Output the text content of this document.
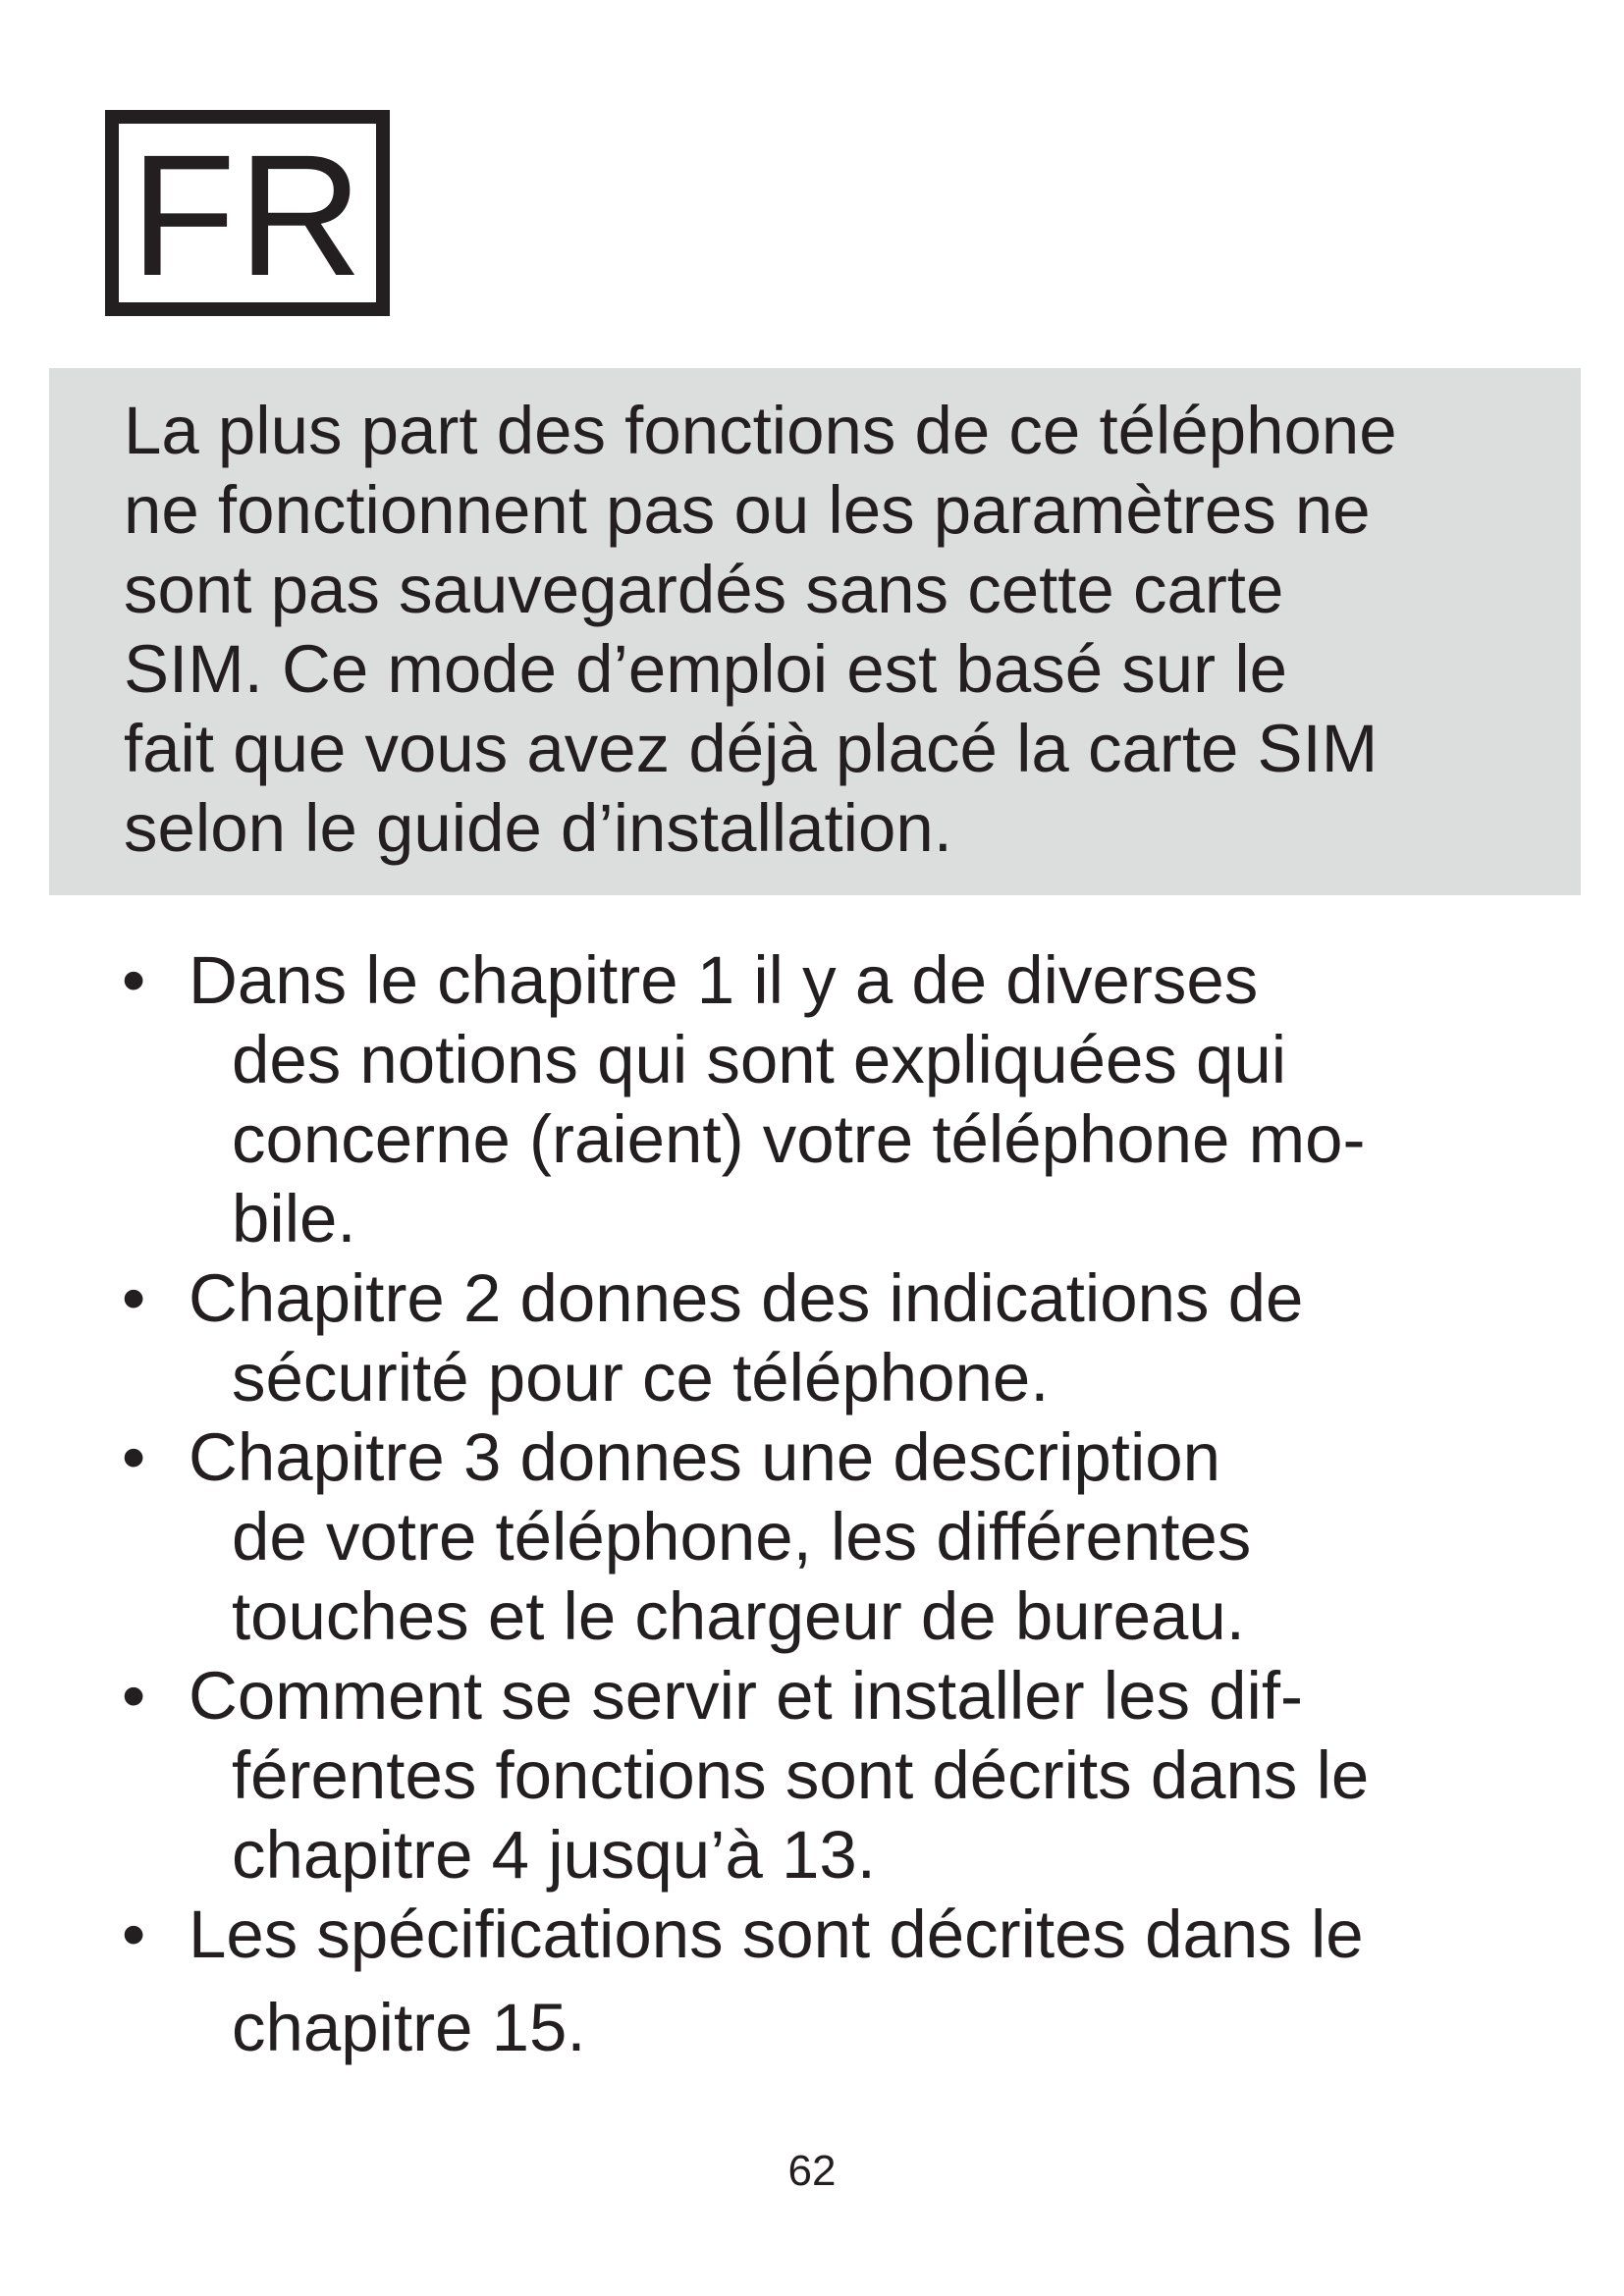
FR
La plus part des fonctions de ce téléphone
ne fonctionnent pas ou les paramètres ne
sont pas sauvegardés sans cette carte
SIM. Ce mode d’emploi est basé sur le
fait que vous avez déjà placé la carte SIM
selon le guide d’installation.
• Dans le chapitre 1 il y a de diverses
des notions qui sont expliquées qui
concerne (raient) votre téléphone mo-
bile.
• Chapitre 2 donnes des indications de
sécurité pour ce téléphone.
• Chapitre 3 donnes une description
de votre téléphone, les différentes
touches et le chargeur de bureau.
• Comment se servir et installer les dif-
férentes fonctions sont décrits dans le
chapitre 4 jusqu’à 13.
• Les spécifications sont décrites dans le
chapitre 15.
62
